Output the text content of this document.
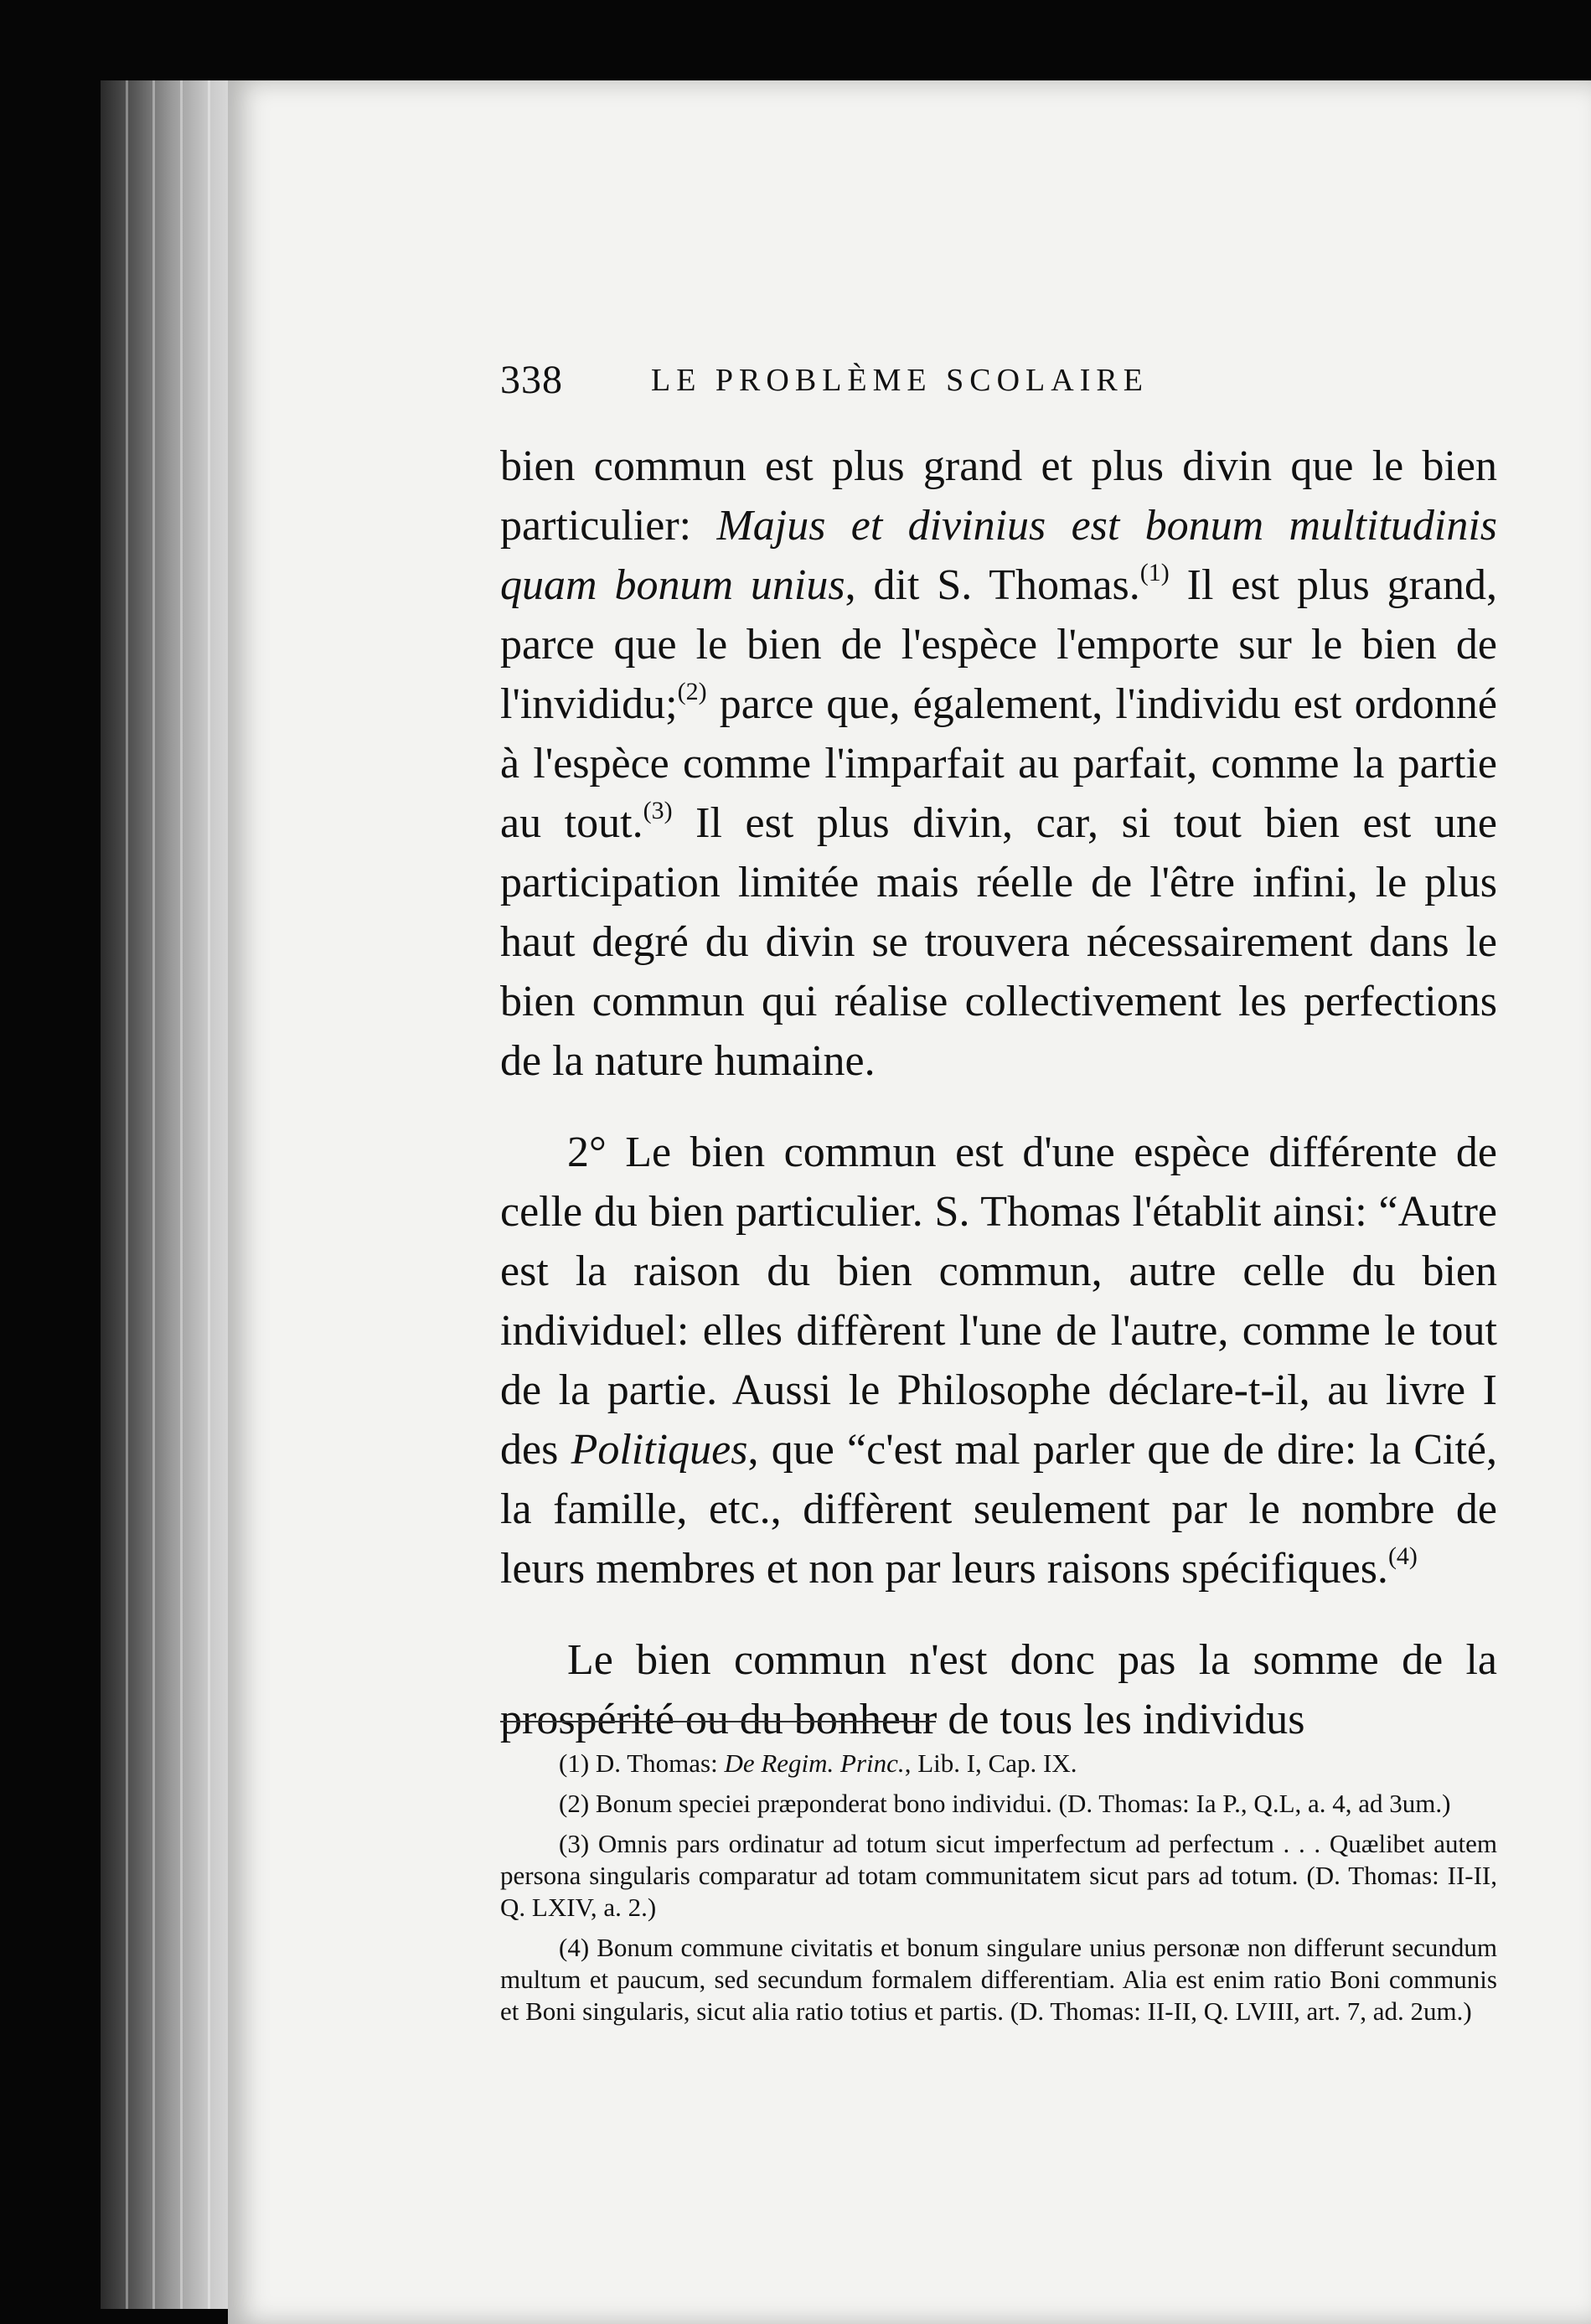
338	LE PROBLÈME SCOLAIRE

bien commun est plus grand et plus divin que le bien particulier: Majus et divinius est bonum multitudinis quam bonum unius, dit S. Thomas.$^{(1)}$ Il est plus grand, parce que le bien de l'espèce l'emporte sur le bien de l'invididu;$^{(2)}$ parce que, également, l'individu est ordonné à l'espèce comme l'imparfait au parfait, comme la partie au tout.$^{(3)}$ Il est plus divin, car, si tout bien est une participation limitée mais réelle de l'être infini, le plus haut degré du divin se trouvera nécessairement dans le bien commun qui réalise collectivement les perfections de la nature humaine.

2° Le bien commun est d'une espèce différente de celle du bien particulier. S. Thomas l'établit ainsi: “Autre est la raison du bien commun, autre celle du bien individuel: elles diffèrent l'une de l'autre, comme le tout de la partie. Aussi le Philosophe déclare-t-il, au livre I des Politiques, que “c'est mal parler que de dire: la Cité, la famille, etc., diffèrent seulement par le nombre de leurs membres et non par leurs raisons spécifiques.$^{(4)}$

Le bien commun n'est donc pas la somme de la prospérité ou du bonheur de tous les individus

(1) D. Thomas: De Regim. Princ., Lib. I, Cap. IX.

(2) Bonum speciei præponderat bono individui. (D. Thomas: Ia P., Q.L, a. 4, ad 3um.)

(3) Omnis pars ordinatur ad totum sicut imperfectum ad perfectum . . . Quælibet autem persona singularis comparatur ad totam communitatem sicut pars ad totum. (D. Thomas: II-II, Q. LXIV, a. 2.)

(4) Bonum commune civitatis et bonum singulare unius personæ non differunt secundum multum et paucum, sed secundum formalem differentiam. Alia est enim ratio Boni communis et Boni singularis, sicut alia ratio totius et partis. (D. Thomas: II-II, Q. LVIII, art. 7, ad. 2um.)
